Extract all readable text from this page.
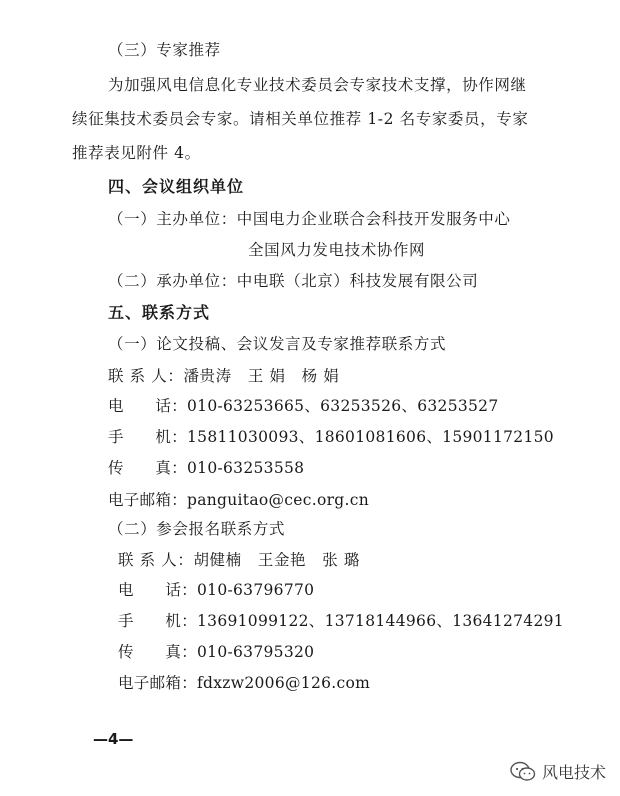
（三）专家推荐
为加强风电信息化专业技术委员会专家技术支撑，协作网继
续征集技术委员会专家。请相关单位推荐 1-2 名专家委员，专家
推荐表见附件 4。
四、会议组织单位
（一）主办单位：中国电力企业联合会科技开发服务中心
全国风力发电技术协作网
（二）承办单位：中电联（北京）科技发展有限公司
五、联系方式
（一）论文投稿、会议发言及专家推荐联系方式
联 系 人：潘贵涛　王 娟　杨 娟
电　　话：010-63253665、63253526、63253527
手　　机：15811030093、18601081606、15901172150
传　　真：010-63253558
电子邮箱：panguitao@cec.org.cn
（二）参会报名联系方式
联 系 人：胡健楠　王金艳　张 璐
电　　话：010-63796770
手　　机：13691099122、13718144966、13641274291
传　　真：010-63795320
电子邮箱：fdxzw2006@126.com
—4—
风电技术
